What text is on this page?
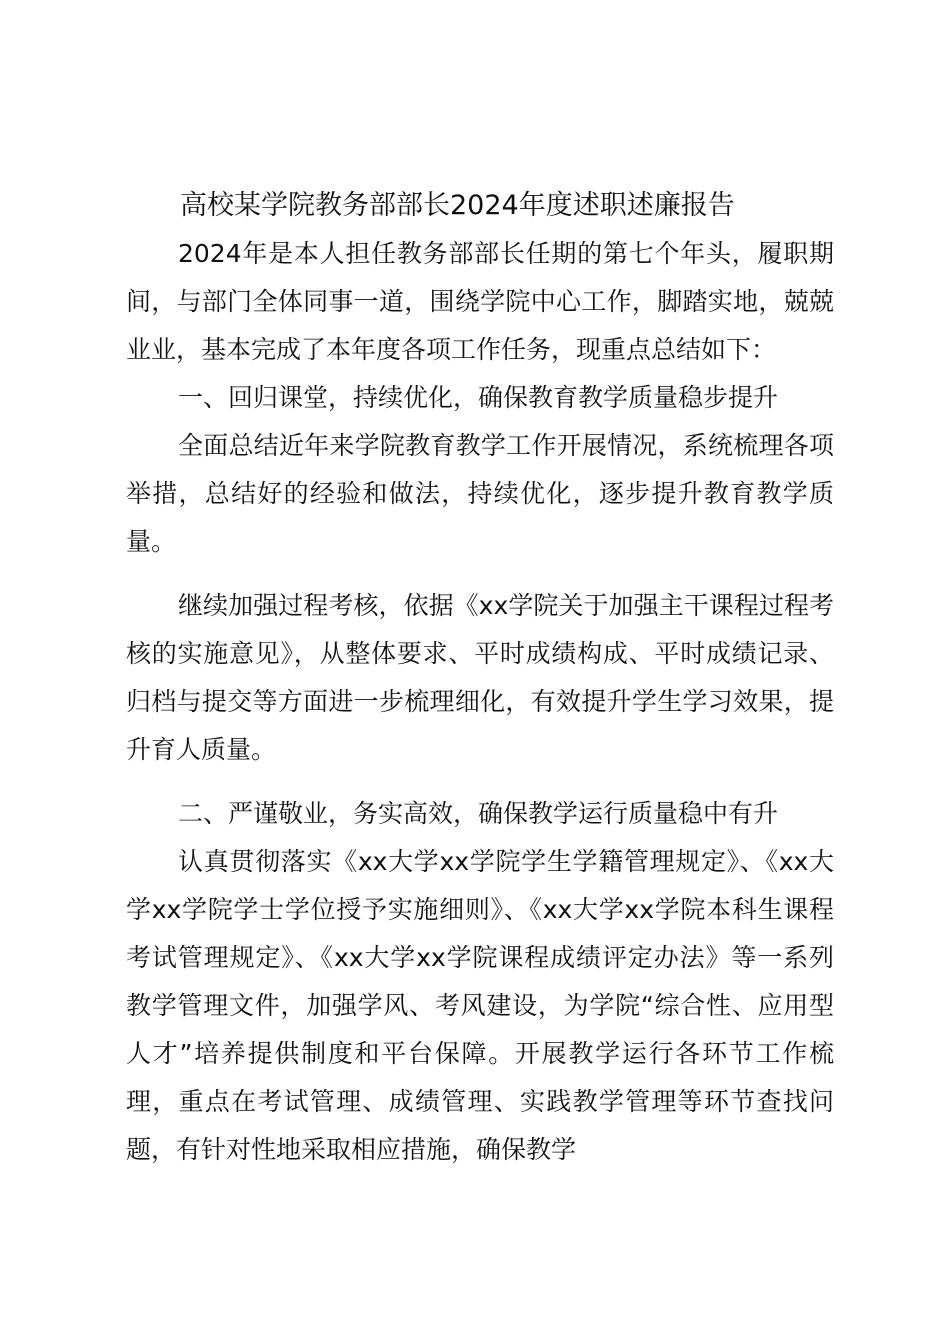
高校某学院教务部部长2024年度述职述廉报告

2024年是本人担任教务部部长任期的第七个年头，履职期间，与部门全体同事一道，围绕学院中心工作，脚踏实地，兢兢业业，基本完成了本年度各项工作任务，现重点总结如下：

一、回归课堂，持续优化，确保教育教学质量稳步提升

全面总结近年来学院教育教学工作开展情况，系统梳理各项举措，总结好的经验和做法，持续优化，逐步提升教育教学质量。

继续加强过程考核，依据《xx学院关于加强主干课程过程考核的实施意见》，从整体要求、平时成绩构成、平时成绩记录、归档与提交等方面进一步梳理细化，有效提升学生学习效果，提升育人质量。

二、严谨敬业，务实高效，确保教学运行质量稳中有升

认真贯彻落实《xx大学xx学院学生学籍管理规定》、《xx大学xx学院学士学位授予实施细则》、《xx大学xx学院本科生课程考试管理规定》、《xx大学xx学院课程成绩评定办法》等一系列教学管理文件，加强学风、考风建设，为学院“综合性、应用型人才”培养提供制度和平台保障。开展教学运行各环节工作梳理，重点在考试管理、成绩管理、实践教学管理等环节查找问题，有针对性地采取相应措施，确保教学
